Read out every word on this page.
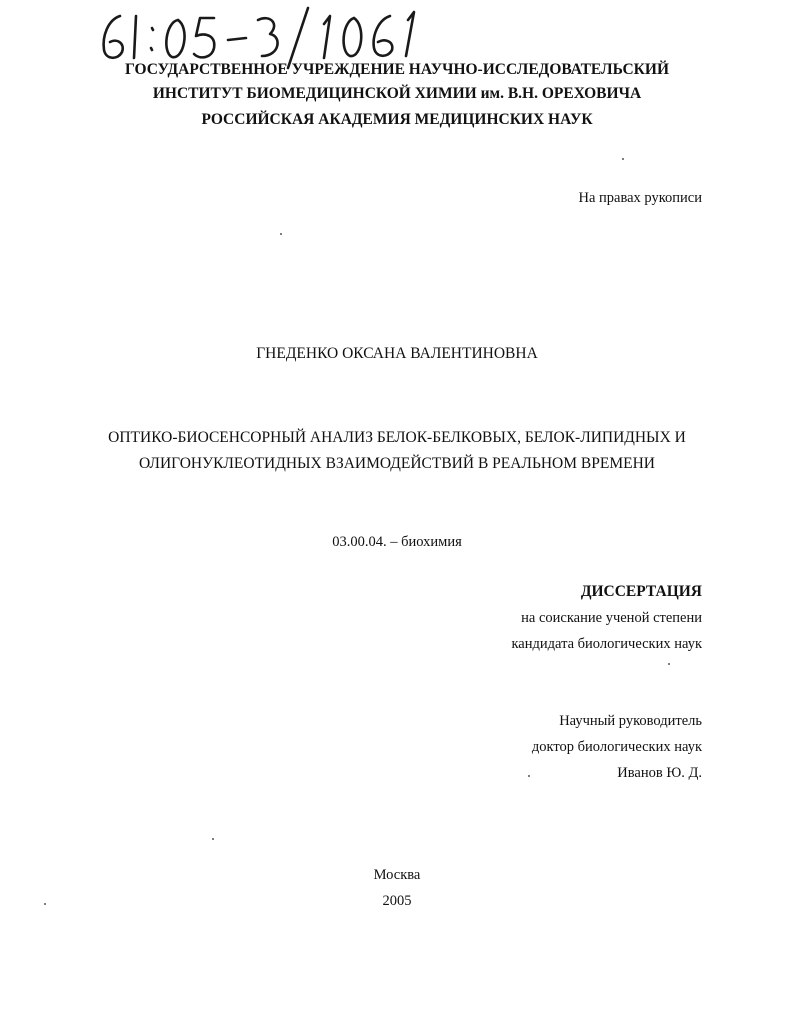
ГОСУДАРСТВЕННОЕ УЧРЕЖДЕНИЕ НАУЧНО-ИССЛЕДОВАТЕЛЬСКИЙ
ИНСТИТУТ БИОМЕДИЦИНСКОЙ ХИМИИ им. В.Н. ОРЕХОВИЧА
РОССИЙСКАЯ АКАДЕМИЯ МЕДИЦИНСКИХ НАУК
На правах рукописи
ГНЕДЕНКО ОКСАНА ВАЛЕНТИНОВНА
ОПТИКО-БИОСЕНСОРНЫЙ АНАЛИЗ БЕЛОК-БЕЛКОВЫХ, БЕЛОК-ЛИПИДНЫХ И
ОЛИГОНУКЛЕОТИДНЫХ ВЗАИМОДЕЙСТВИЙ В РЕАЛЬНОМ ВРЕМЕНИ
03.00.04. – биохимия
ДИССЕРТАЦИЯ
на соискание ученой степени
кандидата биологических наук
Научный руководитель
доктор биологических наук
Иванов Ю. Д.
Москва
2005
